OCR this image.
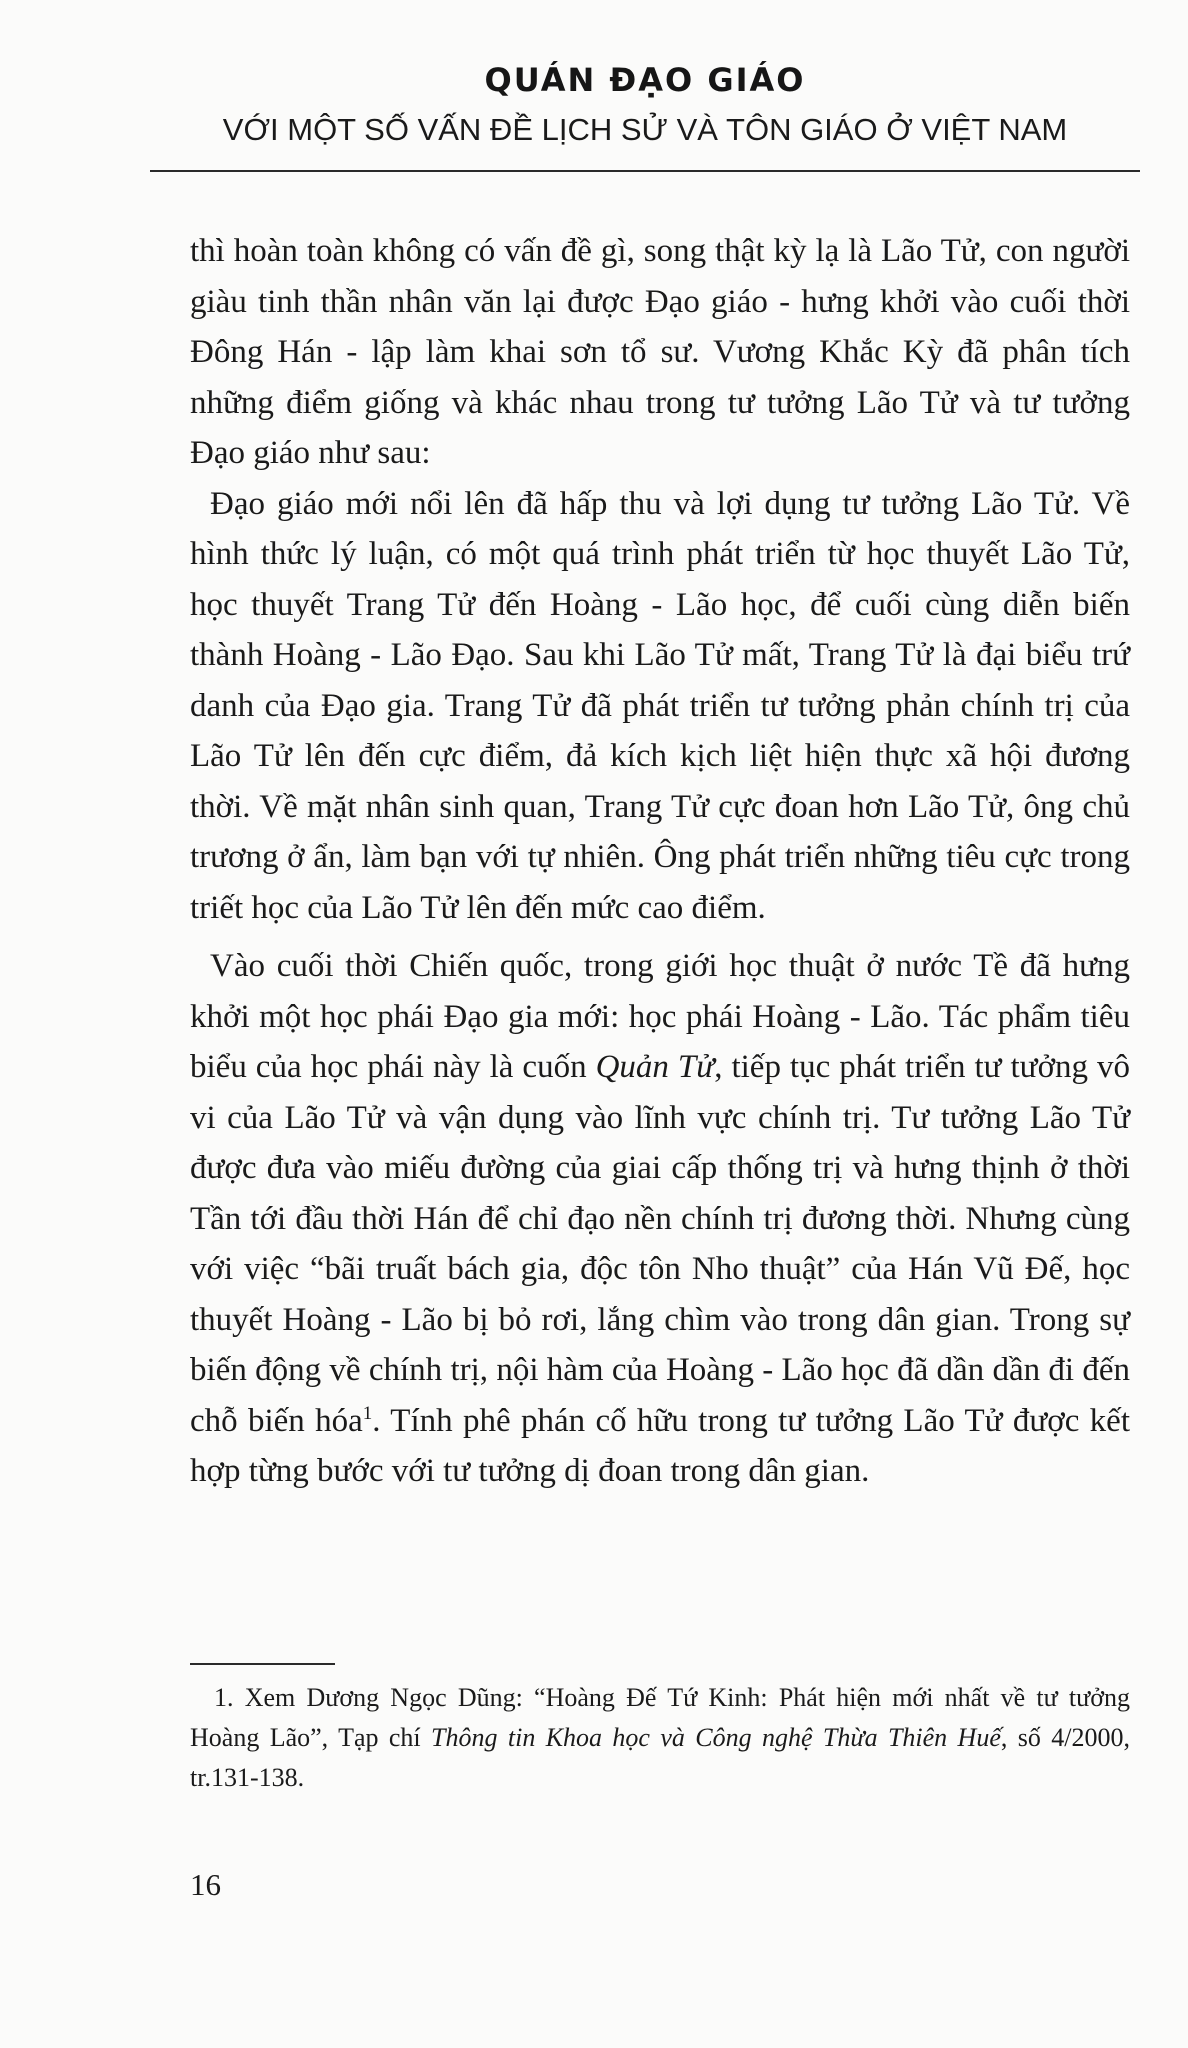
QUÁN ĐẠO GIÁO
VỚI MỘT SỐ VẤN ĐỀ LỊCH SỬ VÀ TÔN GIÁO Ở VIỆT NAM

thì hoàn toàn không có vấn đề gì, song thật kỳ lạ là Lão Tử, con người giàu tinh thần nhân văn lại được Đạo giáo - hưng khởi vào cuối thời Đông Hán - lập làm khai sơn tổ sư. Vương Khắc Kỳ đã phân tích những điểm giống và khác nhau trong tư tưởng Lão Tử và tư tưởng Đạo giáo như sau:

Đạo giáo mới nổi lên đã hấp thu và lợi dụng tư tưởng Lão Tử. Về hình thức lý luận, có một quá trình phát triển từ học thuyết Lão Tử, học thuyết Trang Tử đến Hoàng - Lão học, để cuối cùng diễn biến thành Hoàng - Lão Đạo. Sau khi Lão Tử mất, Trang Tử là đại biểu trứ danh của Đạo gia. Trang Tử đã phát triển tư tưởng phản chính trị của Lão Tử lên đến cực điểm, đả kích kịch liệt hiện thực xã hội đương thời. Về mặt nhân sinh quan, Trang Tử cực đoan hơn Lão Tử, ông chủ trương ở ẩn, làm bạn với tự nhiên. Ông phát triển những tiêu cực trong triết học của Lão Tử lên đến mức cao điểm.

Vào cuối thời Chiến quốc, trong giới học thuật ở nước Tề đã hưng khởi một học phái Đạo gia mới: học phái Hoàng - Lão. Tác phẩm tiêu biểu của học phái này là cuốn Quản Tử, tiếp tục phát triển tư tưởng vô vi của Lão Tử và vận dụng vào lĩnh vực chính trị. Tư tưởng Lão Tử được đưa vào miếu đường của giai cấp thống trị và hưng thịnh ở thời Tần tới đầu thời Hán để chỉ đạo nền chính trị đương thời. Nhưng cùng với việc “bãi truất bách gia, độc tôn Nho thuật” của Hán Vũ Đế, học thuyết Hoàng - Lão bị bỏ rơi, lắng chìm vào trong dân gian. Trong sự biến động về chính trị, nội hàm của Hoàng - Lão học đã dần dần đi đến chỗ biến hóa$^1$. Tính phê phán cố hữu trong tư tưởng Lão Tử được kết hợp từng bước với tư tưởng dị đoan trong dân gian.

1. Xem Dương Ngọc Dũng: “Hoàng Đế Tứ Kinh: Phát hiện mới nhất về tư tưởng Hoàng Lão”, Tạp chí Thông tin Khoa học và Công nghệ Thừa Thiên Huế, số 4/2000, tr.131-138.

16
